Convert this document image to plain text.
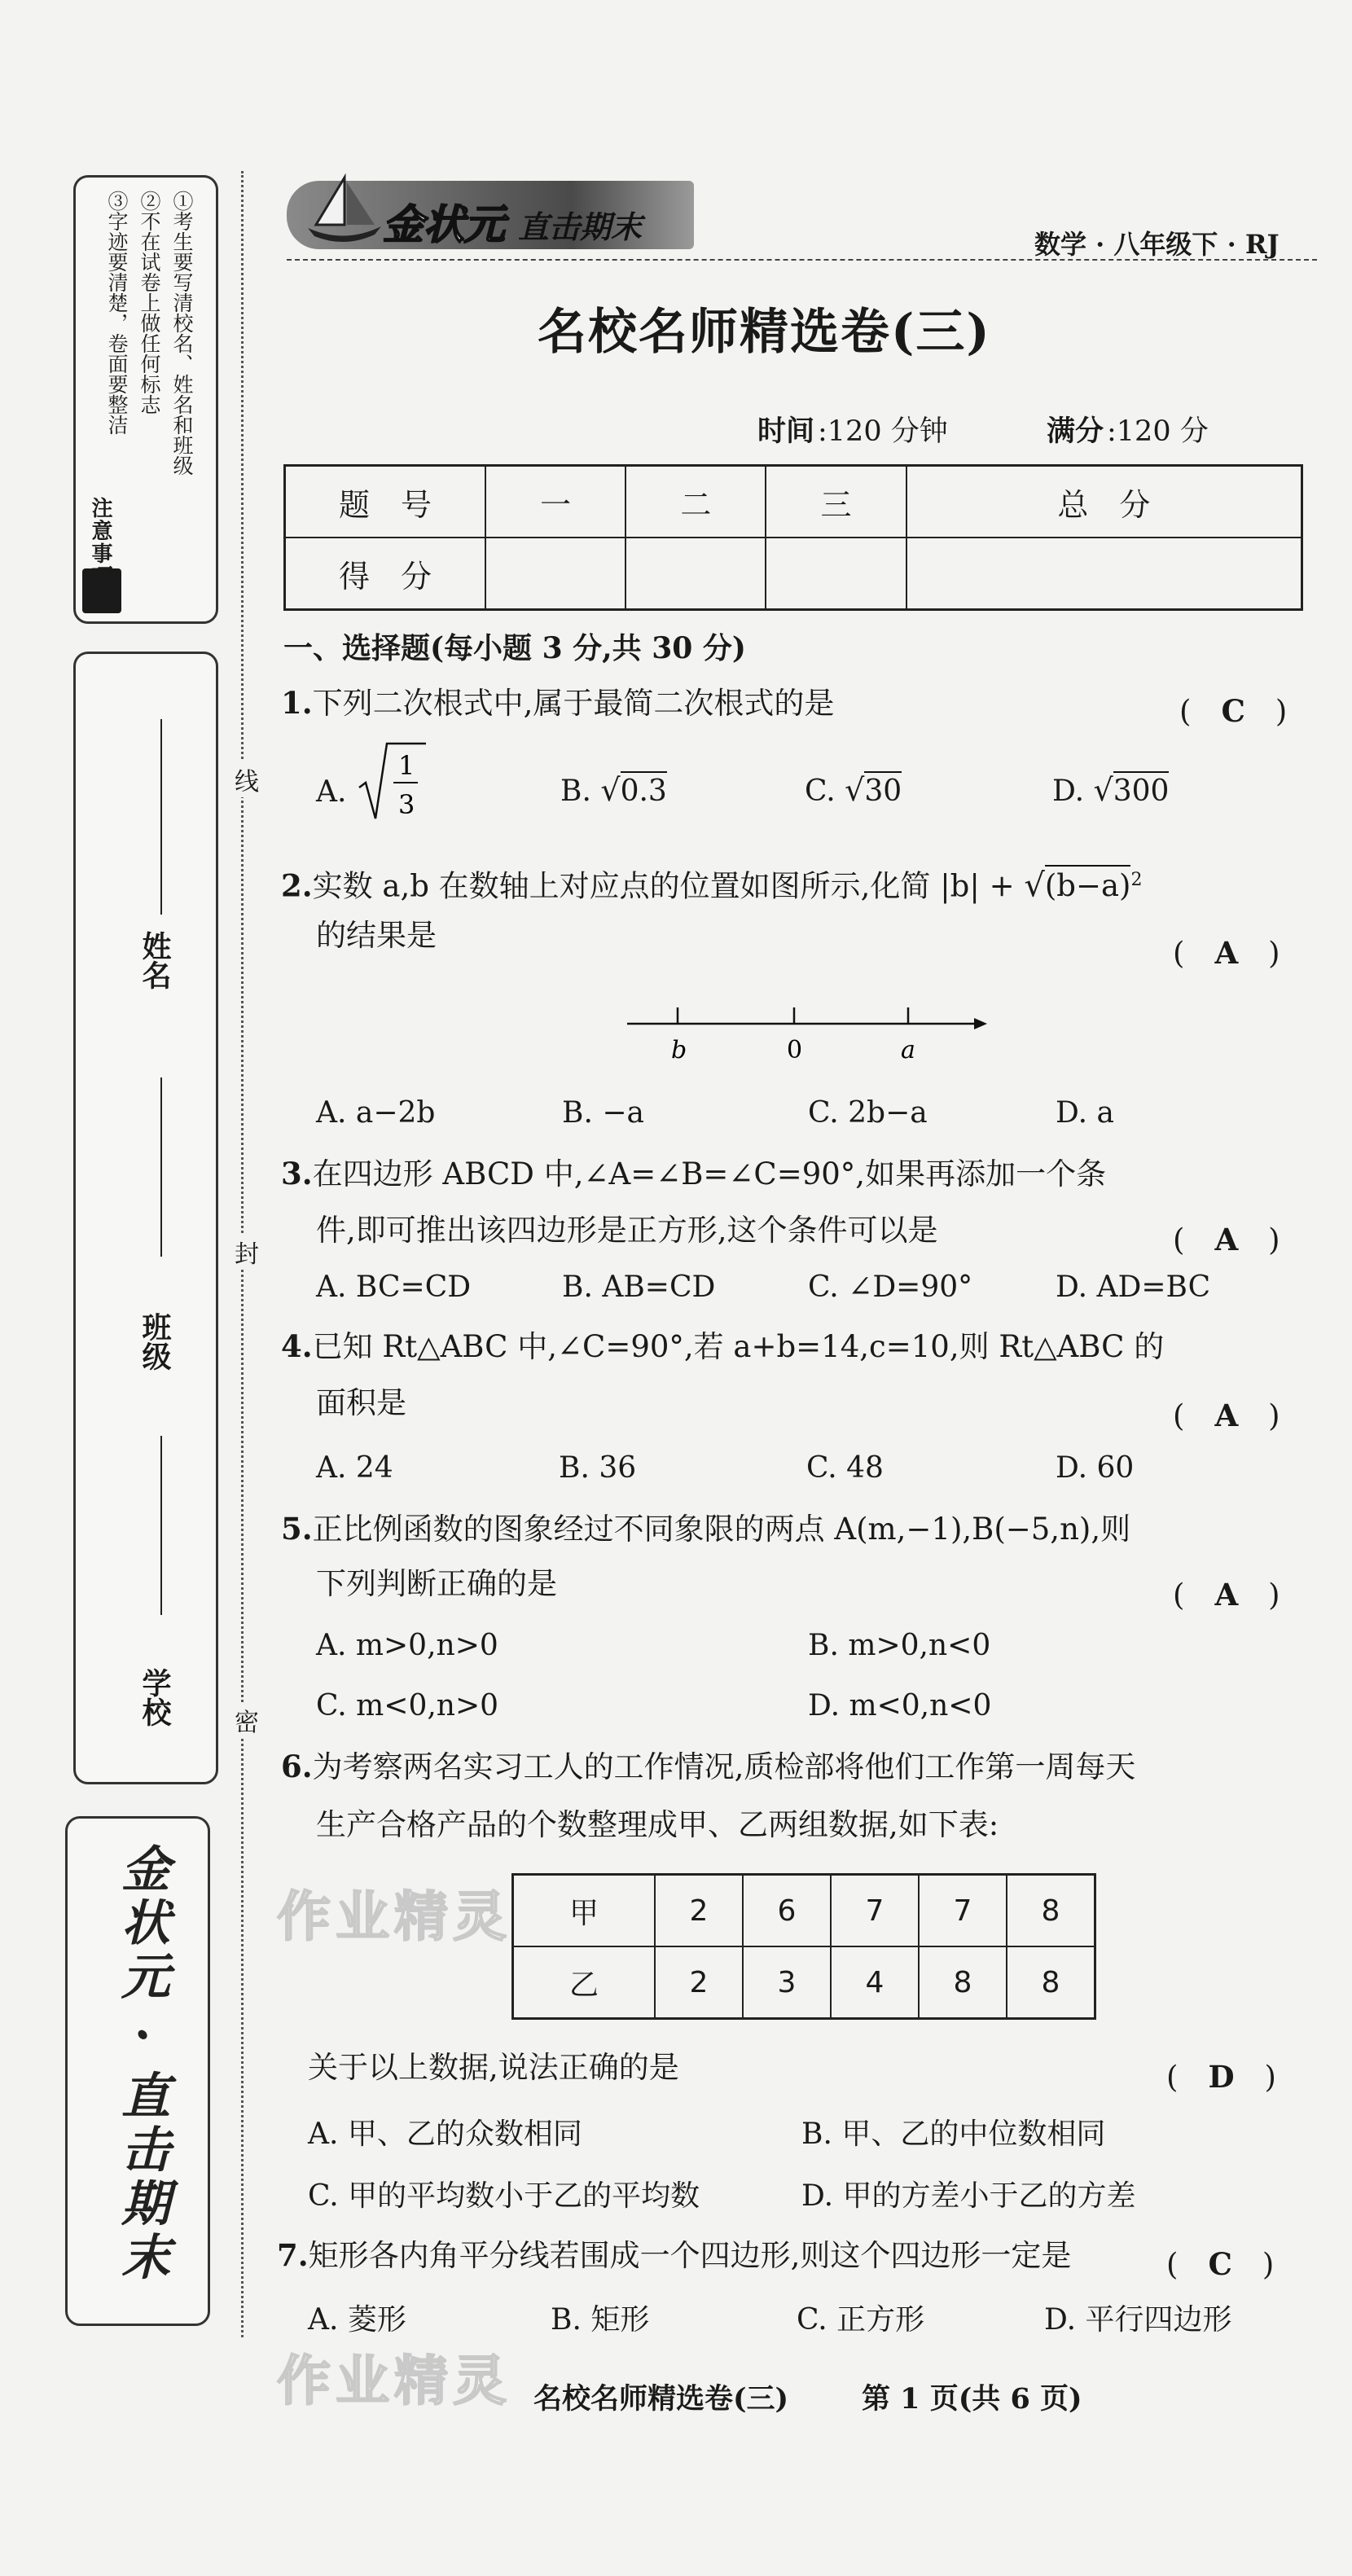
注意事项
①考生要写清校名、姓名和班级
②不在试卷上做任何标志
③字迹要清楚，卷面要整洁
姓名
班级
学校
金状元 · 直击期末
线
封
密
金状元 直击期末	数学 · 八年级下 · RJ
名校名师精选卷(三)
时间 :120 分钟	满分 :120 分
题　号	一	二	三	总　分
得　分				
一、选择题(每小题 3 分,共 30 分)
1.下列二次根式中,属于最简二次根式的是	(　C　)
A.
1
3	B. √0.3	C. √30	D. √300
2.实数 a,b 在数轴上对应点的位置如图所示,化简 $|b| + √(b-a)^2$
的结果是
(　A　)
b	0	a
A. a−2b	B. −a	C. 2b−a	D. a
3.在四边形 ABCD 中,∠A=∠B=∠C=90°,如果再添加一个条
件,即可推出该四边形是正方形,这个条件可以是	(　A　)
A. BC=CD	B. AB=CD	C. ∠D=90°	D. AD=BC
4.已知 Rt△ABC 中,∠C=90°,若 a+b=14,c=10,则 Rt△ABC 的
面积是	(　A　)
A. 24	B. 36	C. 48	D. 60
5.正比例函数的图象经过不同象限的两点 A(m,−1),B(−5,n),则
下列判断正确的是	(　A　)
A. m>0,n>0	B. m>0,n<0
C. m<0,n>0	D. m<0,n<0
6.为考察两名实习工人的工作情况,质检部将他们工作第一周每天
生产合格产品的个数整理成甲、乙两组数据,如下表:
甲	2	6	7	7	8
乙	2	3	4	8	8
关于以上数据,说法正确的是	(　D　)
A. 甲、乙的众数相同	B. 甲、乙的中位数相同
C. 甲的平均数小于乙的平均数	D. 甲的方差小于乙的方差
7.矩形各内角平分线若围成一个四边形,则这个四边形一定是	(　C　)
A. 菱形	B. 矩形	C. 正方形	D. 平行四边形
作业精灵
作业精灵 名校名师精选卷(三)	第 1 页(共 6 页)
